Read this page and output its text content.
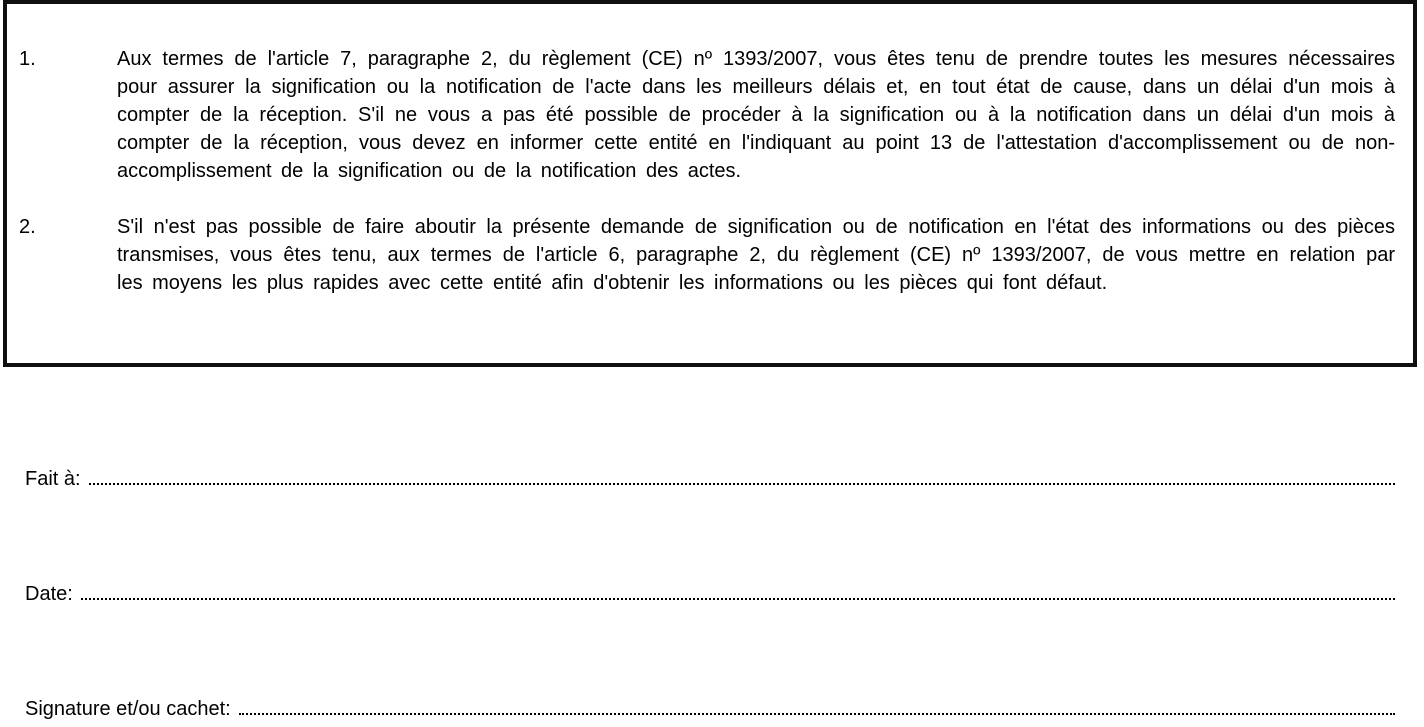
1.	Aux termes de l'article 7, paragraphe 2, du règlement (CE) nº 1393/2007, vous êtes tenu de prendre toutes les mesures nécessaires pour assurer la signification ou la notification de l'acte dans les meilleurs délais et, en tout état de cause, dans un délai d'un mois à compter de la réception. S'il ne vous a pas été possible de procéder à la signification ou à la notification dans un délai d'un mois à compter de la réception, vous devez en informer cette entité en l'indiquant au point 13 de l'attestation d'accomplissement ou de non-accomplissement de la signification ou de la notification des actes.
2.	S'il n'est pas possible de faire aboutir la présente demande de signification ou de notification en l'état des informations ou des pièces transmises, vous êtes tenu, aux termes de l'article 6, paragraphe 2, du règlement (CE) nº 1393/2007, de vous mettre en relation par les moyens les plus rapides avec cette entité afin d'obtenir les informations ou les pièces qui font défaut.
Fait à:
Date:
Signature et/ou cachet:
